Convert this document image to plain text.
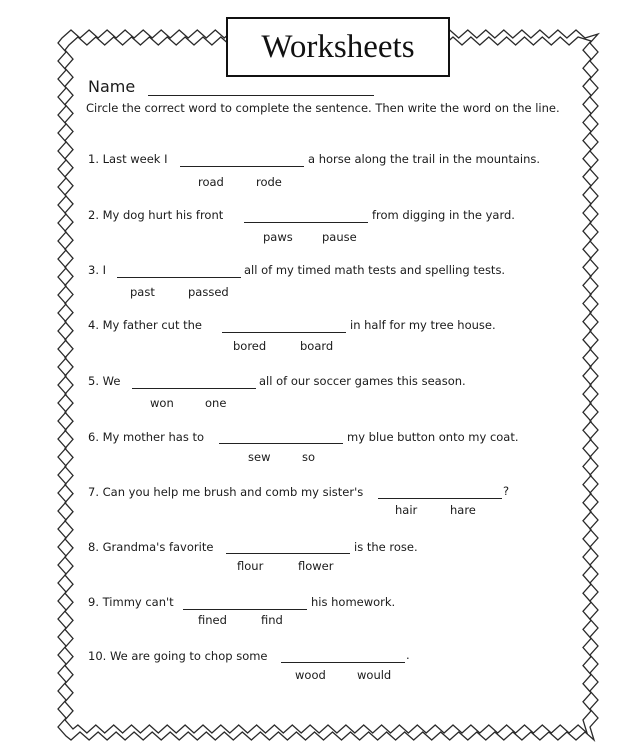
Worksheets
Name
Circle the correct word to complete the sentence. Then write the word on the line.
1. Last week I	a horse along the trail in the mountains.
road	rode
2. My dog hurt his front	from digging in the yard.
paws	pause
3. I	all of my timed math tests and spelling tests.
past	passed
4. My father cut the	in half for my tree house.
bored	board
5. We	all of our soccer games this season.
won	one
6. My mother has to	my blue button onto my coat.
sew	so
7. Can you help me brush and comb my sister's	?
hair	hare
8. Grandma's favorite	is the rose.
flour	flower
9. Timmy can't	his homework.
fined	find
10. We are going to chop some	.
wood	would
